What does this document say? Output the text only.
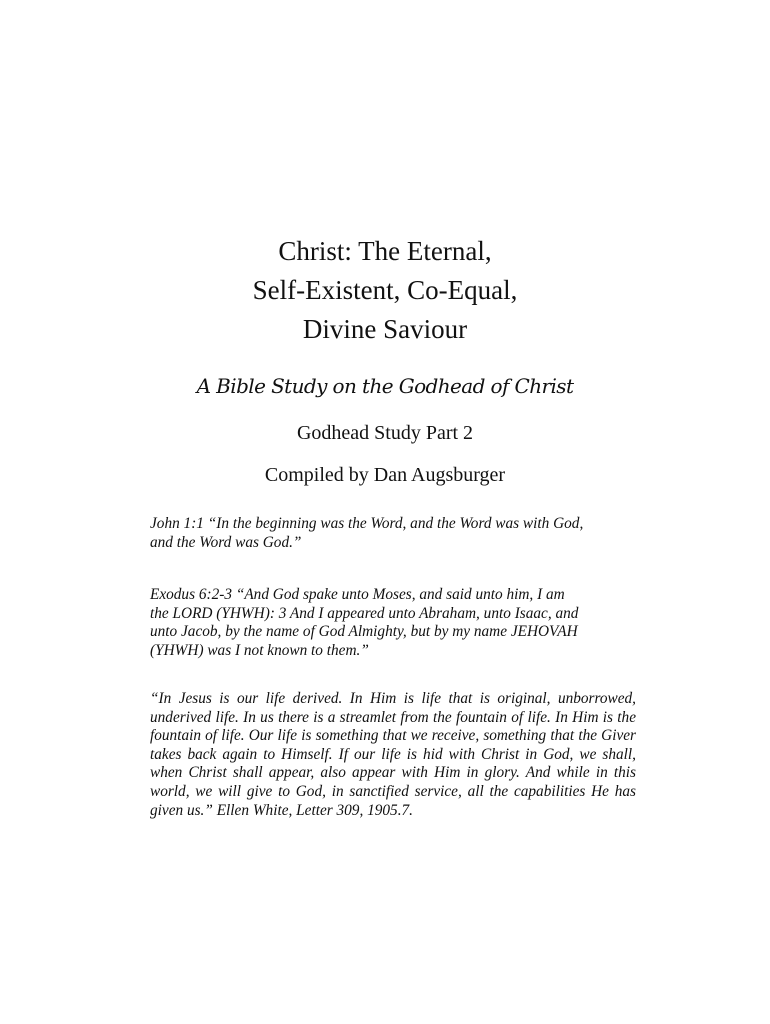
Christ: The Eternal,
Self-Existent, Co-Equal,
Divine Saviour
A Bible Study on the Godhead of Christ
Godhead Study Part 2
Compiled by Dan Augsburger
John 1:1 “In the beginning was the Word, and the Word was with God,
and the Word was God.”
Exodus 6:2-3 “And God spake unto Moses, and said unto him, I am
the LORD (YHWH): 3 And I appeared unto Abraham, unto Isaac, and
unto Jacob, by the name of God Almighty, but by my name JEHOVAH
(YHWH) was I not known to them.”

“In Jesus is our life derived. In Him is life that is original, unborrowed, underived life. In us there is a streamlet from the fountain of life. In Him is the fountain of life. Our life is something that we receive, something that the Giver takes back again to Himself. If our life is hid with Christ in God, we shall, when Christ shall appear, also appear with Him in glory. And while in this world, we will give to God, in sanctified service, all the capabilities He has given us.” Ellen White, Letter 309, 1905.7.
